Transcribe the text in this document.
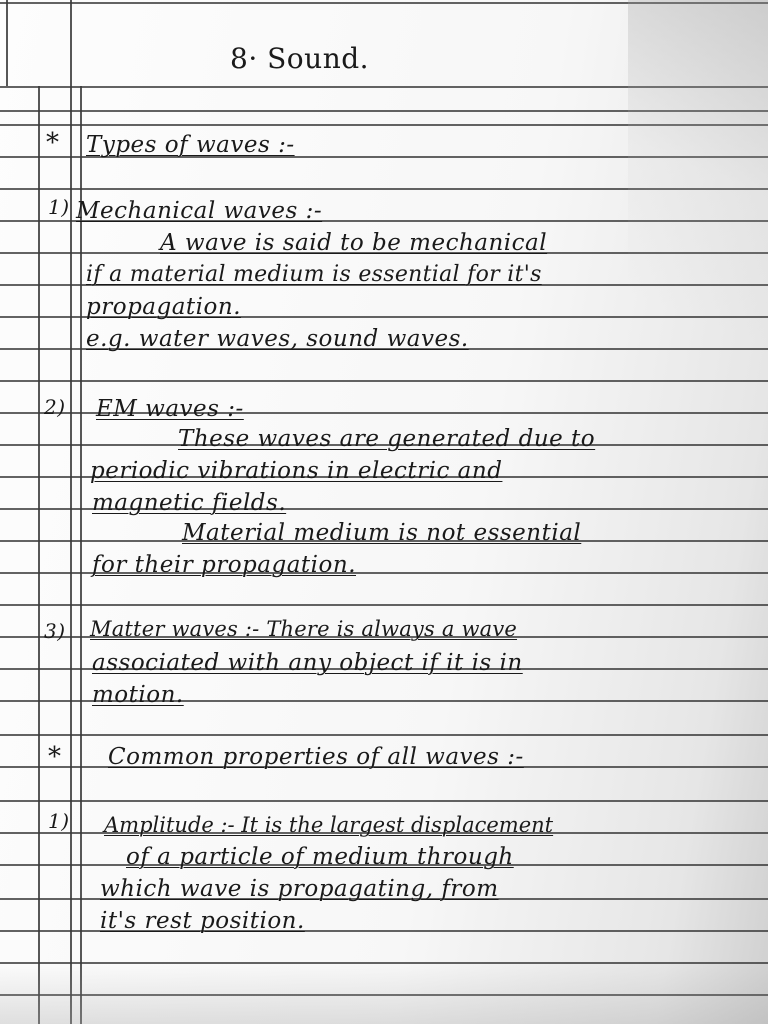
8· Sound.
* Types of waves :-
1) Mechanical waves :-
A wave is said to be mechanical
if a material medium is essential for it's
propagation.
e.g. water waves, sound waves.
2) EM waves :-
These waves are generated due to
periodic vibrations in electric and
magnetic fields.
Material medium is not essential
for their propagation.
3) Matter waves :- There is always a wave
associated with any object if it is in
motion.
* Common properties of all waves :-
1) Amplitude :- It is the largest displacement
of a particle of medium through
which wave is propagating, from
it's rest position.
